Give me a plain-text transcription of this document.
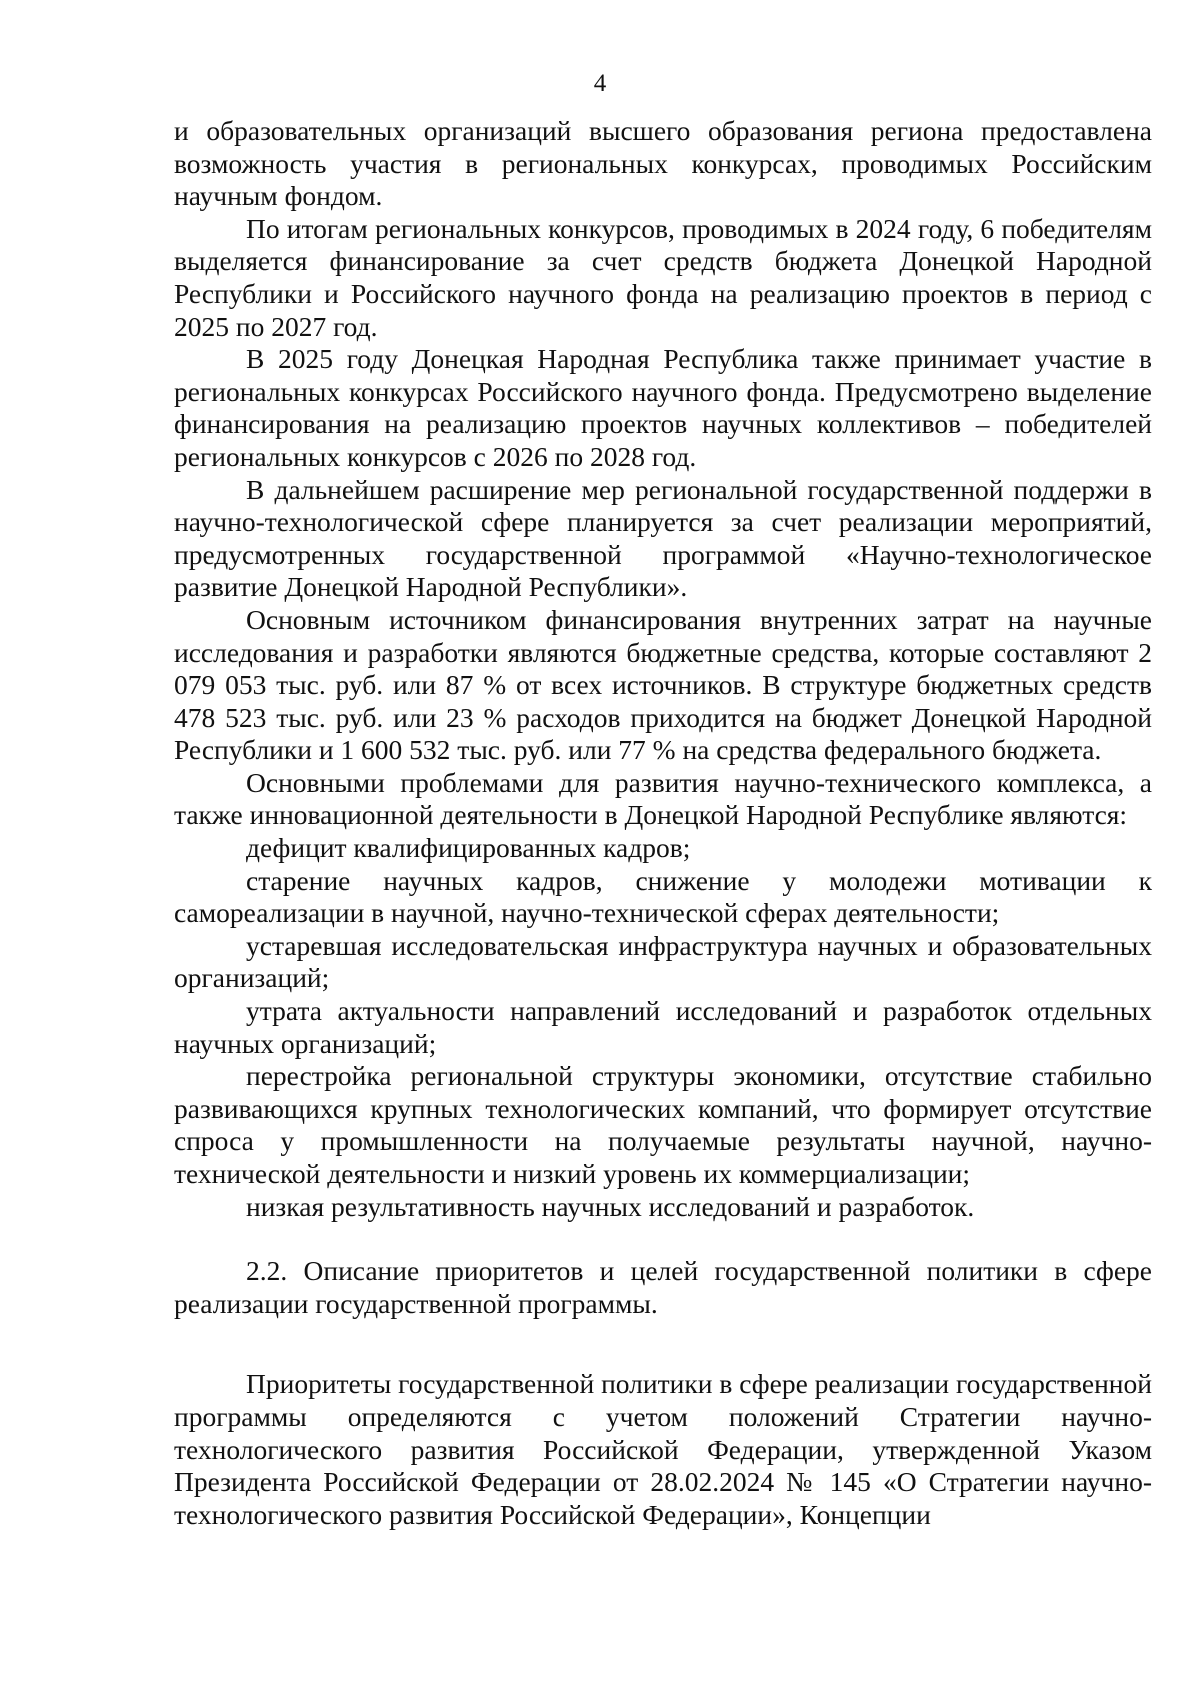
4

и образовательных организаций высшего образования региона предоставлена возможность участия в региональных конкурсах, проводимых Российским научным фондом.

По итогам региональных конкурсов, проводимых в 2024 году, 6 победителям выделяется финансирование за счет средств бюджета Донецкой Народной Республики и Российского научного фонда на реализацию проектов в период с 2025 по 2027 год.

В 2025 году Донецкая Народная Республика также принимает участие в региональных конкурсах Российского научного фонда. Предусмотрено выделение финансирования на реализацию проектов научных коллективов – победителей региональных конкурсов с 2026 по 2028 год.

В дальнейшем расширение мер региональной государственной поддержи в научно-технологической сфере планируется за счет реализации мероприятий, предусмотренных государственной программой «Научно-технологическое развитие Донецкой Народной Республики».

Основным источником финансирования внутренних затрат на научные исследования и разработки являются бюджетные средства, которые составляют 2 079 053 тыс. руб. или 87 % от всех источников. В структуре бюджетных средств 478 523 тыс. руб. или 23 % расходов приходится на бюджет Донецкой Народной Республики и 1 600 532 тыс. руб. или 77 % на средства федерального бюджета.

Основными проблемами для развития научно-технического комплекса, а также инновационной деятельности в Донецкой Народной Республике являются:

дефицит квалифицированных кадров;

старение научных кадров, снижение у молодежи мотивации к самореализации в научной, научно-технической сферах деятельности;

устаревшая исследовательская инфраструктура научных и образовательных организаций;

утрата актуальности направлений исследований и разработок отдельных научных организаций;

перестройка региональной структуры экономики, отсутствие стабильно развивающихся крупных технологических компаний, что формирует отсутствие спроса у промышленности на получаемые результаты научной, научно-технической деятельности и низкий уровень их коммерциализации;

низкая результативность научных исследований и разработок.

2.2. Описание приоритетов и целей государственной политики в сфере реализации государственной программы.

Приоритеты государственной политики в сфере реализации государственной программы определяются с учетом положений Стратегии научно-технологического развития Российской Федерации, утвержденной Указом Президента Российской Федерации от 28.02.2024 № 145 «О Стратегии научно-технологического развития Российской Федерации», Концепции
